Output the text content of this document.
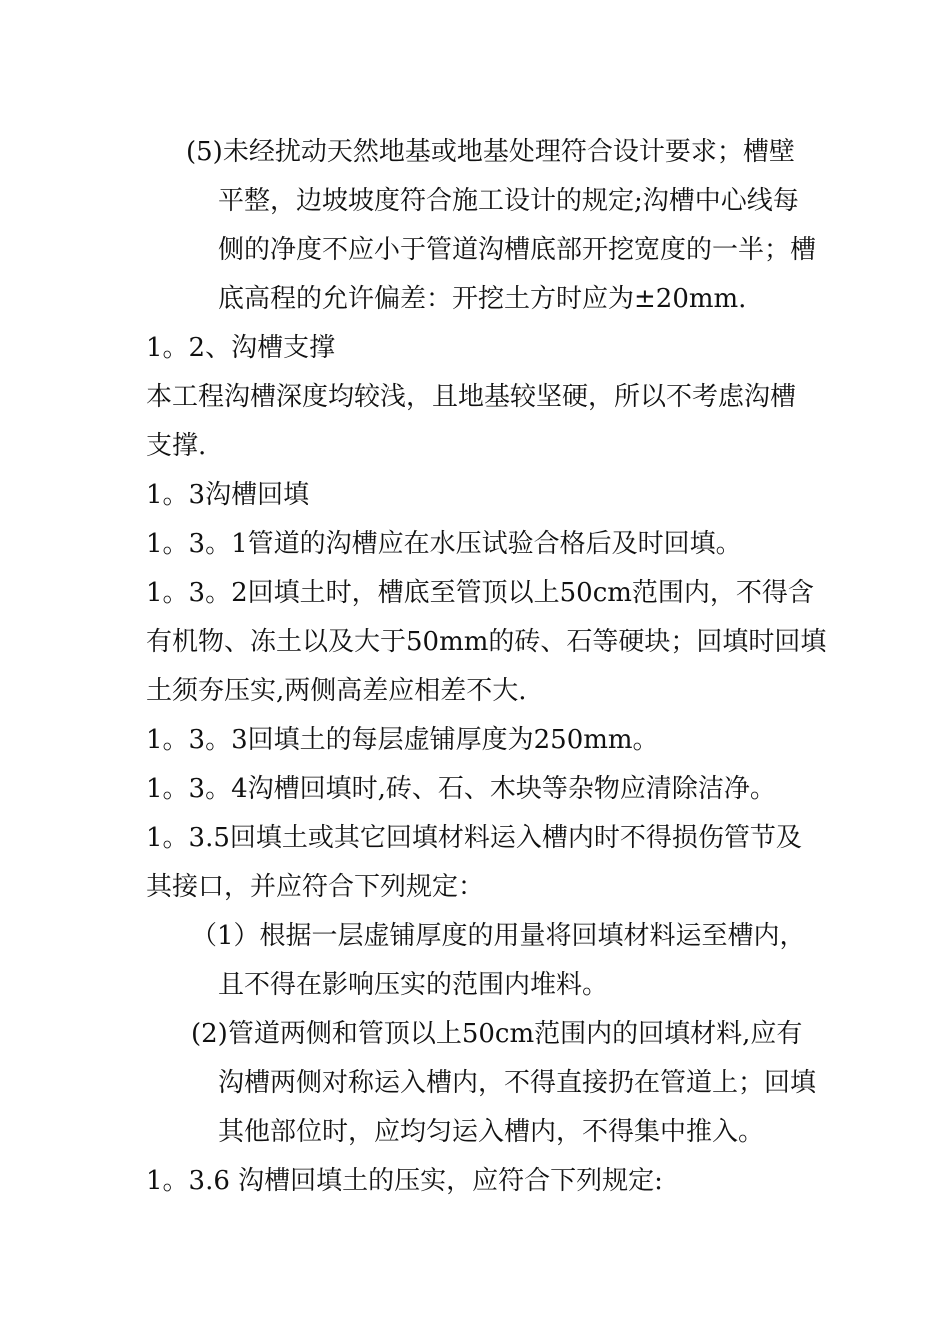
(5)未经扰动天然地基或地基处理符合设计要求；槽壁
平整，边坡坡度符合施工设计的规定;沟槽中心线每
侧的净度不应小于管道沟槽底部开挖宽度的一半；槽
底高程的允许偏差：开挖土方时应为±20mm.
1。2、沟槽支撑
本工程沟槽深度均较浅，且地基较坚硬，所以不考虑沟槽
支撑.
1。3沟槽回填
1。3。1管道的沟槽应在水压试验合格后及时回填。
1。3。2回填土时，槽底至管顶以上50cm范围内，不得含
有机物、冻土以及大于50mm的砖、石等硬块；回填时回填
土须夯压实,两侧高差应相差不大.
1。3。3回填土的每层虚铺厚度为250mm。
1。3。4沟槽回填时,砖、石、木块等杂物应清除洁净。
1。3.5回填土或其它回填材料运入槽内时不得损伤管节及
其接口，并应符合下列规定：
（1）根据一层虚铺厚度的用量将回填材料运至槽内，
且不得在影响压实的范围内堆料。
(2)管道两侧和管顶以上50cm范围内的回填材料,应有
沟槽两侧对称运入槽内，不得直接扔在管道上；回填
其他部位时，应均匀运入槽内，不得集中推入。
1。3.6 沟槽回填土的压实，应符合下列规定:
